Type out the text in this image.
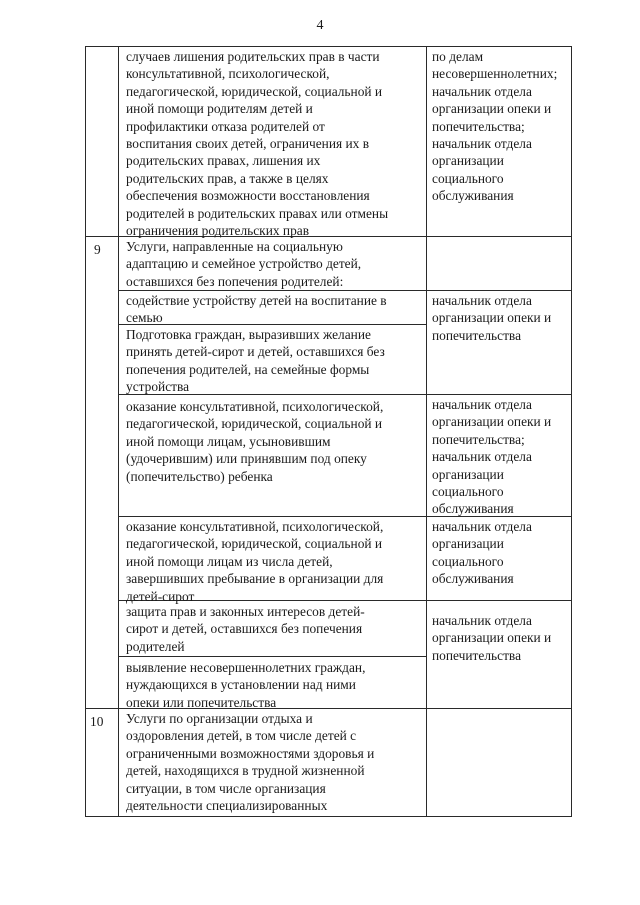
4
случаев лишения родительских прав в части
консультативной, психологической,
педагогической, юридической, социальной и
иной помощи родителям детей и
профилактики отказа родителей от
воспитания своих детей, ограничения их в
родительских правах, лишения их
родительских прав, а также в целях
обеспечения возможности восстановления
родителей в родительских правах или отмены
ограничения родительских прав
по делам
несовершеннолетних;
начальник отдела
организации опеки и
попечительства;
начальник отдела
организации
социального
обслуживания
9 Услуги, направленные на социальную
адаптацию и семейное устройство детей,
оставшихся без попечения родителей:
содействие устройству детей на воспитание в
семью
Подготовка граждан, выразивших желание
принять детей-сирот и детей, оставшихся без
попечения родителей, на семейные формы
устройства
начальник отдела
организации опеки и
попечительства
оказание консультативной, психологической,
педагогической, юридической, социальной и
иной помощи лицам, усыновившим
(удочерившим) или принявшим под опеку
(попечительство) ребенка
начальник отдела
организации опеки и
попечительства;
начальник отдела
организации
социального
обслуживания
оказание консультативной, психологической,
педагогической, юридической, социальной и
иной помощи лицам из числа детей,
завершивших пребывание в организации для
детей-сирот
начальник отдела
организации
социального
обслуживания
защита прав и законных интересов детей-
сирот и детей, оставшихся без попечения
родителей
выявление несовершеннолетних граждан,
нуждающихся в установлении над ними
опеки или попечительства
начальник отдела
организации опеки и
попечительства
10 Услуги по организации отдыха и
оздоровления детей, в том числе детей с
ограниченными возможностями здоровья и
детей, находящихся в трудной жизненной
ситуации, в том числе организация
деятельности специализированных
